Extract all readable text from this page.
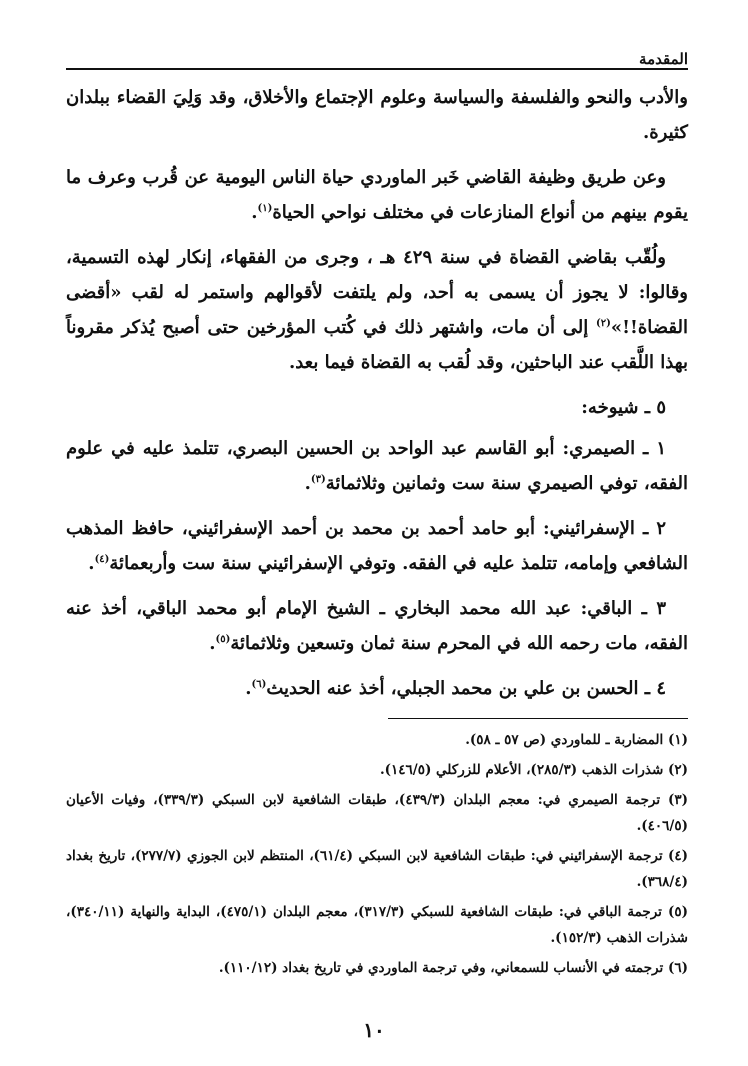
المقدمة

والأدب والنحو والفلسفة والسياسة وعلوم الإجتماع والأخلاق، وقد وَلِيَ القضاء ببلدان كثيرة.

وعن طريق وظيفة القاضي خَبر الماوردي حياة الناس اليومية عن قُرب وعرف ما يقوم بينهم من أنواع المنازعات في مختلف نواحي الحياة$^{(١)}$.

ولُقّب بقاضي القضاة في سنة ٤٢٩ هـ ، وجرى من الفقهاء، إنكار لهذه التسمية، وقالوا: لا يجوز أن يسمى به أحد، ولم يلتفت لأقوالهم واستمر له لقب «أقضى القضاة!!»$^{(٢)}$ إلى أن مات، واشتهر ذلك في كُتب المؤرخين حتى أصبح يُذكر مقروناً بهذا اللَّقب عند الباحثين، وقد لُقب به القضاة فيما بعد.

٥ ـ شيوخه:

١ ـ الصيمري: أبو القاسم عبد الواحد بن الحسين البصري، تتلمذ عليه في علوم الفقه، توفي الصيمري سنة ست وثمانين وثلاثمائة$^{(٣)}$.

٢ ـ الإسفرائيني: أبو حامد أحمد بن محمد بن أحمد الإسفرائيني، حافظ المذهب الشافعي وإمامه، تتلمذ عليه في الفقه. وتوفي الإسفرائيني سنة ست وأربعمائة$^{(٤)}$.

٣ ـ الباقي: عبد الله محمد البخاري ـ الشيخ الإمام أبو محمد الباقي، أخذ عنه الفقه، مات رحمه الله في المحرم سنة ثمان وتسعين وثلاثمائة$^{(٥)}$.

٤ ـ الحسن بن علي بن محمد الجبلي، أخذ عنه الحديث$^{(٦)}$.

(١) المضاربة ـ للماوردي (ص ٥٧ ـ ٥٨).

(٢) شذرات الذهب (٢٨٥/٣)، الأعلام للزركلي (١٤٦/٥).

(٣) ترجمة الصيمري في: معجم البلدان (٤٣٩/٣)، طبقات الشافعية لابن السبكي (٣٣٩/٣)، وفيات الأعيان (٤٠٦/٥).

(٤) ترجمة الإسفرائيني في: طبقات الشافعية لابن السبكي (٦١/٤)، المنتظم لابن الجوزي (٢٧٧/٧)، تاريخ بغداد (٣٦٨/٤).

(٥) ترجمة الباقي في: طبقات الشافعية للسبكي (٣١٧/٣)، معجم البلدان (٤٧٥/١)، البداية والنهاية (٣٤٠/١١)، شذرات الذهب (١٥٢/٣).

(٦) ترجمته في الأنساب للسمعاني، وفي ترجمة الماوردي في تاريخ بغداد (١١٠/١٢).

١٠
